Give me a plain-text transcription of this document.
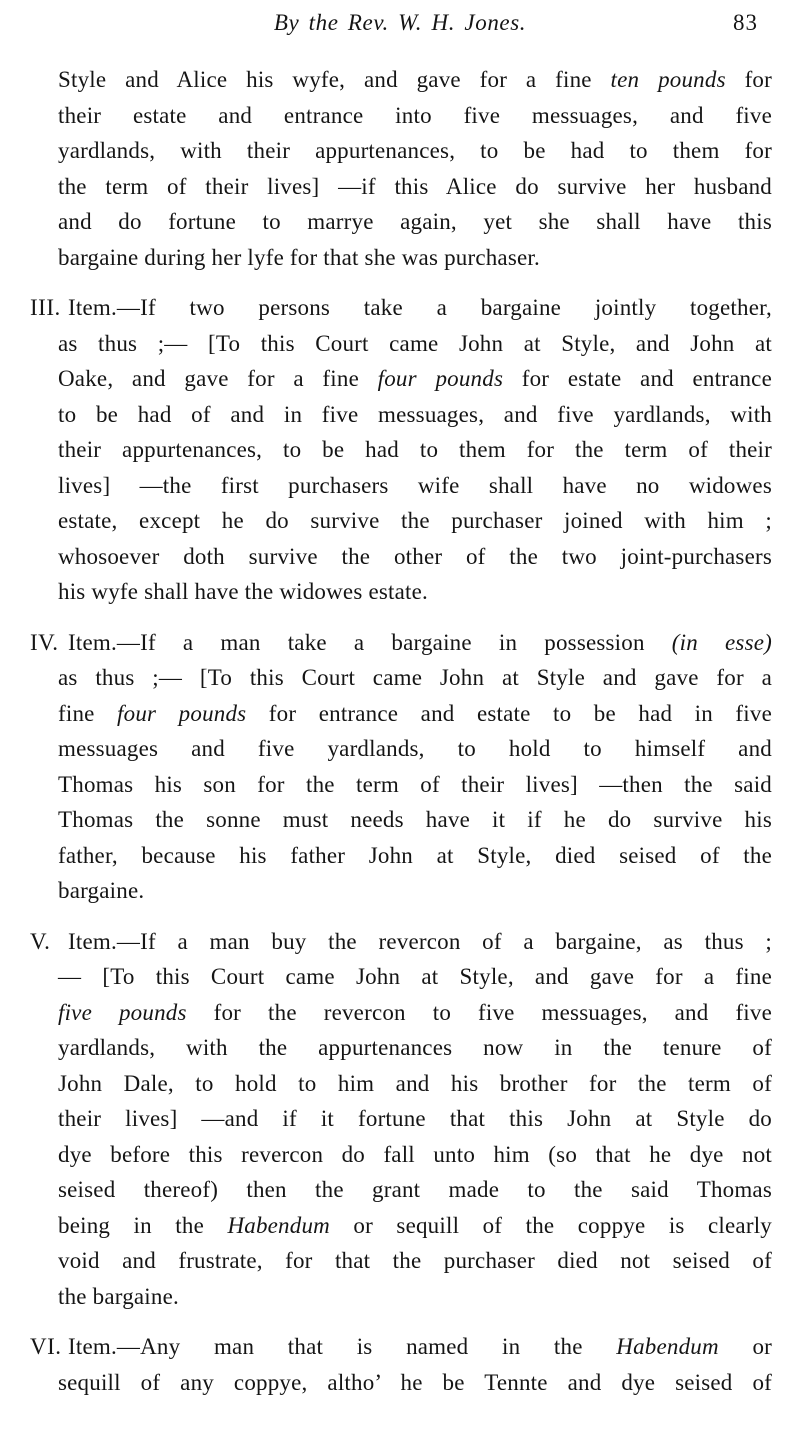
By the Rev. W. H. Jones.	83
Style and Alice his wyfe, and gave for a fine ten pounds for
their estate and entrance into five messuages, and five
yardlands, with their appurtenances, to be had to them for
the term of their lives] —if this Alice do survive her husband
and do fortune to marrye again, yet she shall have this
bargaine during her lyfe for that she was purchaser.
III. Item.—If two persons take a bargaine jointly together,
as thus ;— [To this Court came John at Style, and John at
Oake, and gave for a fine four pounds for estate and entrance
to be had of and in five messuages, and five yardlands, with
their appurtenances, to be had to them for the term of their
lives] —the first purchasers wife shall have no widowes
estate, except he do survive the purchaser joined with him ;
whosoever doth survive the other of the two joint-purchasers
his wyfe shall have the widowes estate.
IV. Item.—If a man take a bargaine in possession (in esse)
as thus ;— [To this Court came John at Style and gave for a
fine four pounds for entrance and estate to be had in five
messuages and five yardlands, to hold to himself and
Thomas his son for the term of their lives] —then the said
Thomas the sonne must needs have it if he do survive his
father, because his father John at Style, died seised of the
bargaine.
V. Item.—If a man buy the revercon of a bargaine, as thus ;
— [To this Court came John at Style, and gave for a fine
five pounds for the revercon to five messuages, and five
yardlands, with the appurtenances now in the tenure of
John Dale, to hold to him and his brother for the term of
their lives] —and if it fortune that this John at Style do
dye before this revercon do fall unto him (so that he dye not
seised thereof) then the grant made to the said Thomas
being in the Habendum or sequill of the coppye is clearly
void and frustrate, for that the purchaser died not seised of
the bargaine.
VI. Item.—Any man that is named in the Habendum or
sequill of any coppye, altho’ he be Tennte and dye seised of
